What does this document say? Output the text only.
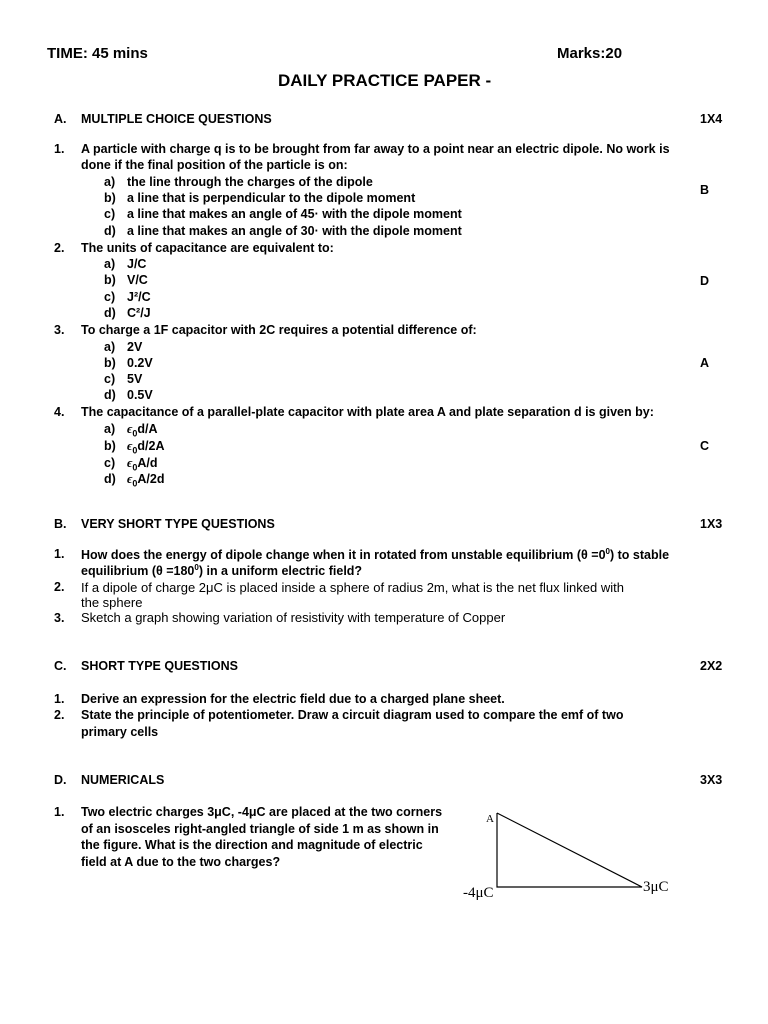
TIME: 45 mins	Marks:20
DAILY PRACTICE PAPER -
A. MULTIPLE CHOICE QUESTIONS	1X4
1. A particle with charge q is to be brought from far away to a point near an electric dipole. No work is
done if the final position of the particle is on:
a) the line through the charges of the dipole
b) a line that is perpendicular to the dipole moment
c) a line that makes an angle of 45· with the dipole moment
d) a line that makes an angle of 30· with the dipole moment
B
2. The units of capacitance are equivalent to:
a) J/C
b) V/C
c) J²/C
d) C²/J
D
3. To charge a 1F capacitor with 2C requires a potential difference of:
a) 2V
b) 0.2V
c) 5V
d) 0.5V
A
4. The capacitance of a parallel-plate capacitor with plate area A and plate separation d is given by:
a) $\epsilon_0d/A$
b) $\epsilon_0d/2A$
c) $\epsilon_0A/d$
d) $\epsilon_0A/2d$
C
B. VERY SHORT TYPE QUESTIONS	1X3
1. How does the energy of dipole change when it in rotated from unstable equilibrium $(\theta =0^0)$ to stable
equilibrium $(\theta =180^0)$ in a uniform electric field?
2. If a dipole of charge 2μC is placed inside a sphere of radius 2m, what is the net flux linked with
the sphere
3. Sketch a graph showing variation of resistivity with temperature of Copper
C. SHORT TYPE QUESTIONS	2X2
1. Derive an expression for the electric field due to a charged plane sheet.
2. State the principle of potentiometer. Draw a circuit diagram used to compare the emf of two
primary cells
D. NUMERICALS	3X3
1. Two electric charges 3μC, -4μC are placed at the two corners
of an isosceles right-angled triangle of side 1 m as shown in
the figure. What is the direction and magnitude of electric
field at A due to the two charges?
A
-4μC	3μC
